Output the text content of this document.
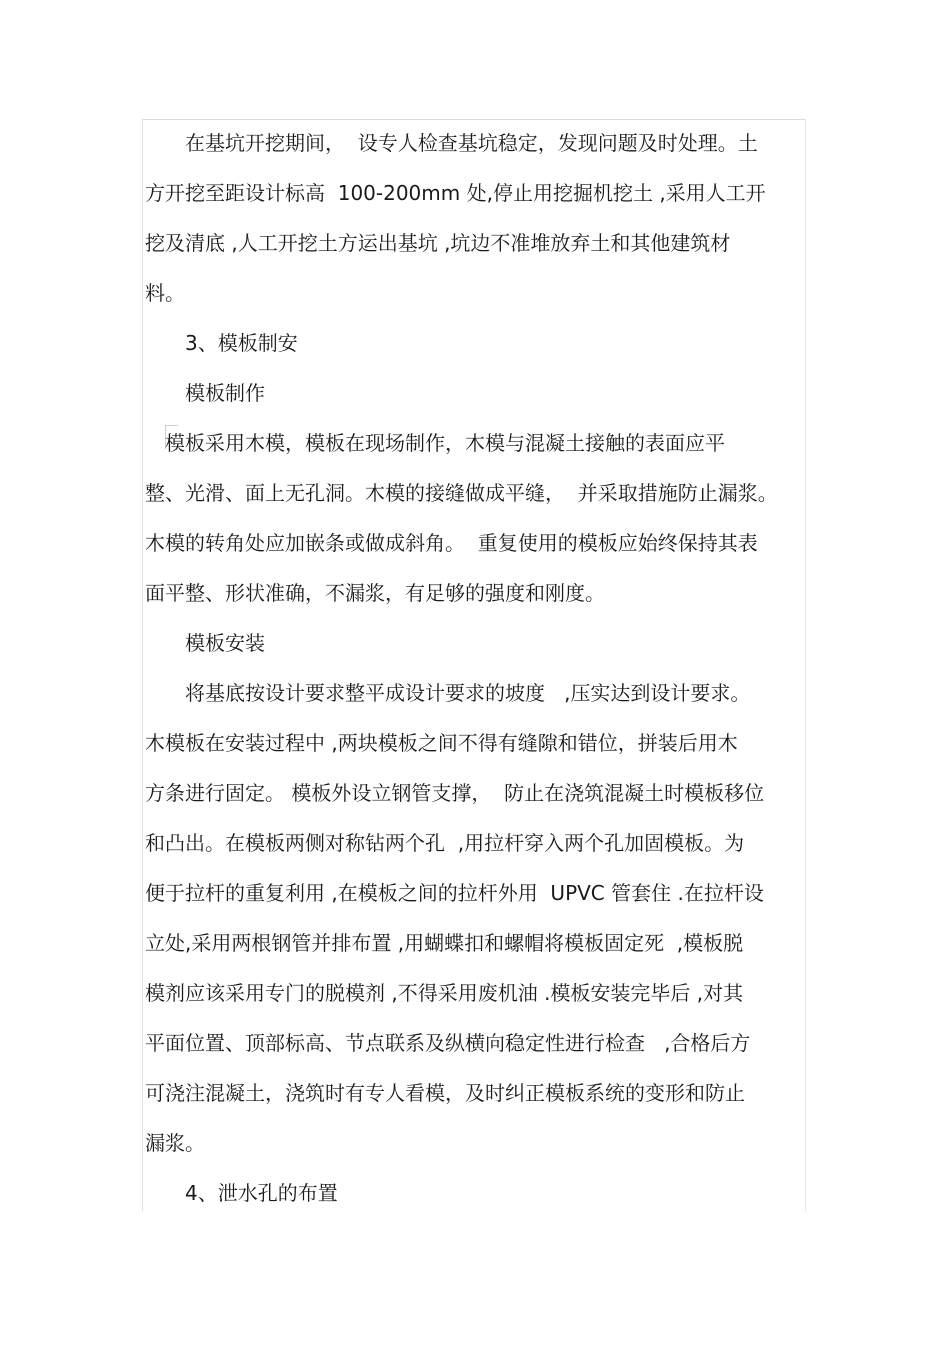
　　在基坑开挖期间，  设专人检查基坑稳定，发现问题及时处理。土
方开挖至距设计标高  100-200mm 处,停止用挖掘机挖土 ,采用人工开
挖及清底 ,人工开挖土方运出基坑 ,坑边不准堆放弃土和其他建筑材
料。
　　3、模板制安
　　模板制作
　模板采用木模，模板在现场制作，木模与混凝土接触的表面应平
整、光滑、面上无孔洞。木模的接缝做成平缝，  并采取措施防止漏浆。
木模的转角处应加嵌条或做成斜角。  重复使用的模板应始终保持其表
面平整、形状准确，不漏浆，有足够的强度和刚度。
　　模板安装
　　将基底按设计要求整平成设计要求的坡度   ,压实达到设计要求。
木模板在安装过程中 ,两块模板之间不得有缝隙和错位，拼装后用木
方条进行固定。 模板外设立钢管支撑，  防止在浇筑混凝土时模板移位
和凸出。在模板两侧对称钻两个孔  ,用拉杆穿入两个孔加固模板。为
便于拉杆的重复利用 ,在模板之间的拉杆外用  UPVC 管套住 .在拉杆设
立处,采用两根钢管并排布置 ,用蝴蝶扣和螺帽将模板固定死  ,模板脱
模剂应该采用专门的脱模剂 ,不得采用废机油 .模板安装完毕后 ,对其
平面位置、顶部标高、节点联系及纵横向稳定性进行检查   ,合格后方
可浇注混凝土，浇筑时有专人看模，及时纠正模板系统的变形和防止
漏浆。
　　4、泄水孔的布置
